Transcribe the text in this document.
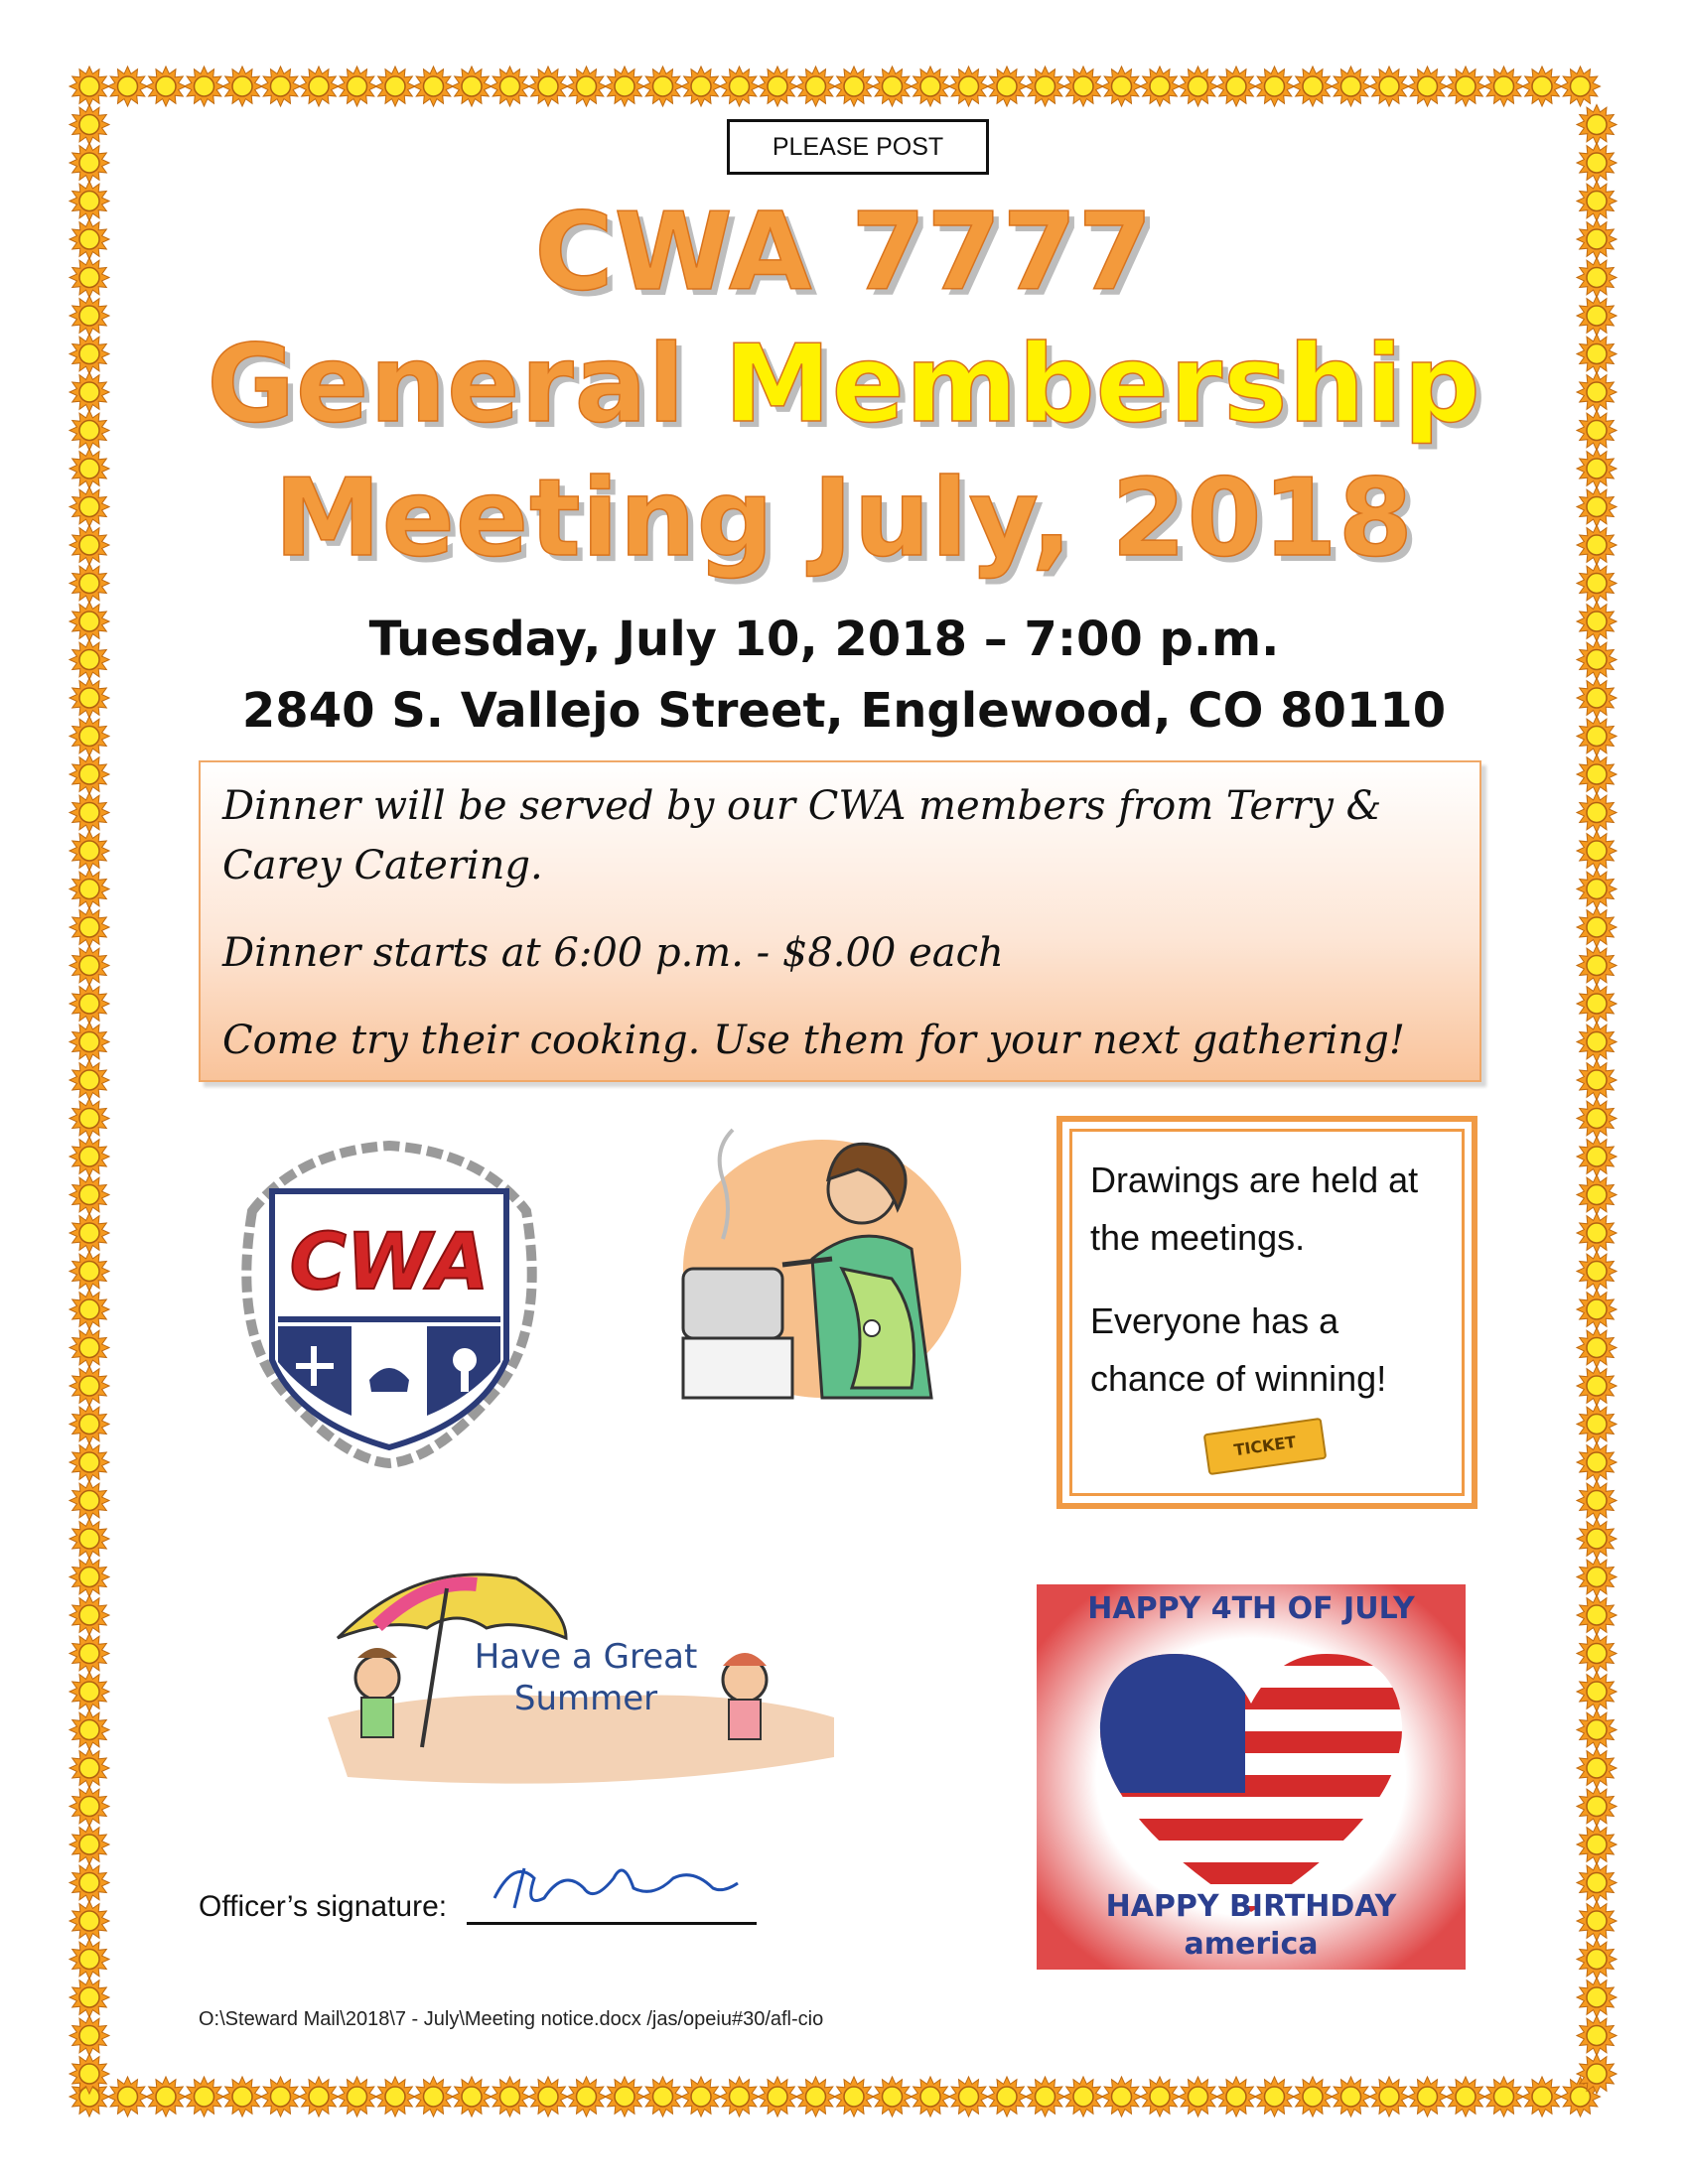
PLEASE POST
CWA 7777
General Membership
Meeting July, 2018
Tuesday, July 10, 2018 – 7:00 p.m.
2840 S. Vallejo Street, Englewood, CO 80110

Dinner will be served by our CWA members from Terry & Carey Catering.

Dinner starts at 6:00 p.m. - $8.00 each

Come try their cooking. Use them for your next gathering!

CWA

Drawings are held at the meetings.

Everyone has a chance of winning!

TICKET
Have a Great
Summer
HAPPY 4TH OF JULY
HAPPY BIRTHDAY
america
Officer’s signature:
O:\Steward Mail\2018\7 - July\Meeting notice.docx /jas/opeiu#30/afl-cio
